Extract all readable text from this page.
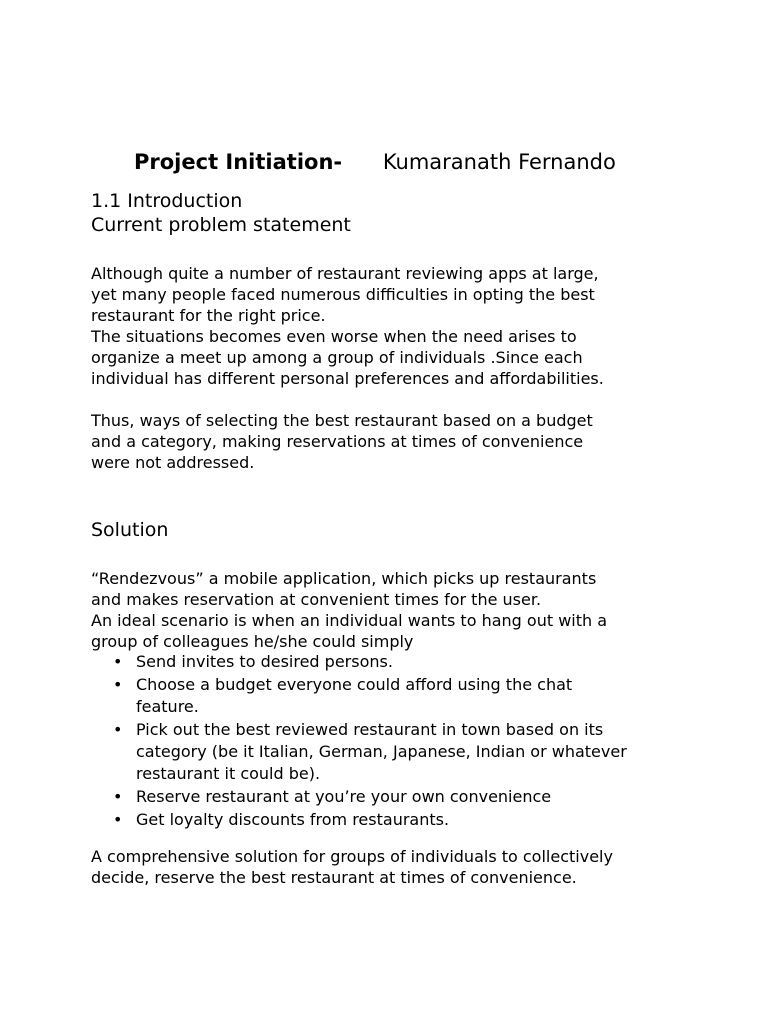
Project Initiation- Kumaranath Fernando
1.1 Introduction
Current problem statement
Although quite a number of restaurant reviewing apps at large,
yet many people faced numerous difficulties in opting the best
restaurant for the right price.
The situations becomes even worse when the need arises to
organize a meet up among a group of individuals .Since each
individual has different personal preferences and affordabilities.
Thus, ways of selecting the best restaurant based on a budget
and a category, making reservations at times of convenience
were not addressed.
Solution
“Rendezvous” a mobile application, which picks up restaurants
and makes reservation at convenient times for the user.
An ideal scenario is when an individual wants to hang out with a
group of colleagues he/she could simply
• Send invites to desired persons.
• Choose a budget everyone could afford using the chat
feature.
• Pick out the best reviewed restaurant in town based on its
category (be it Italian, German, Japanese, Indian or whatever
restaurant it could be).
• Reserve restaurant at you’re your own convenience
• Get loyalty discounts from restaurants.
A comprehensive solution for groups of individuals to collectively
decide, reserve the best restaurant at times of convenience.
